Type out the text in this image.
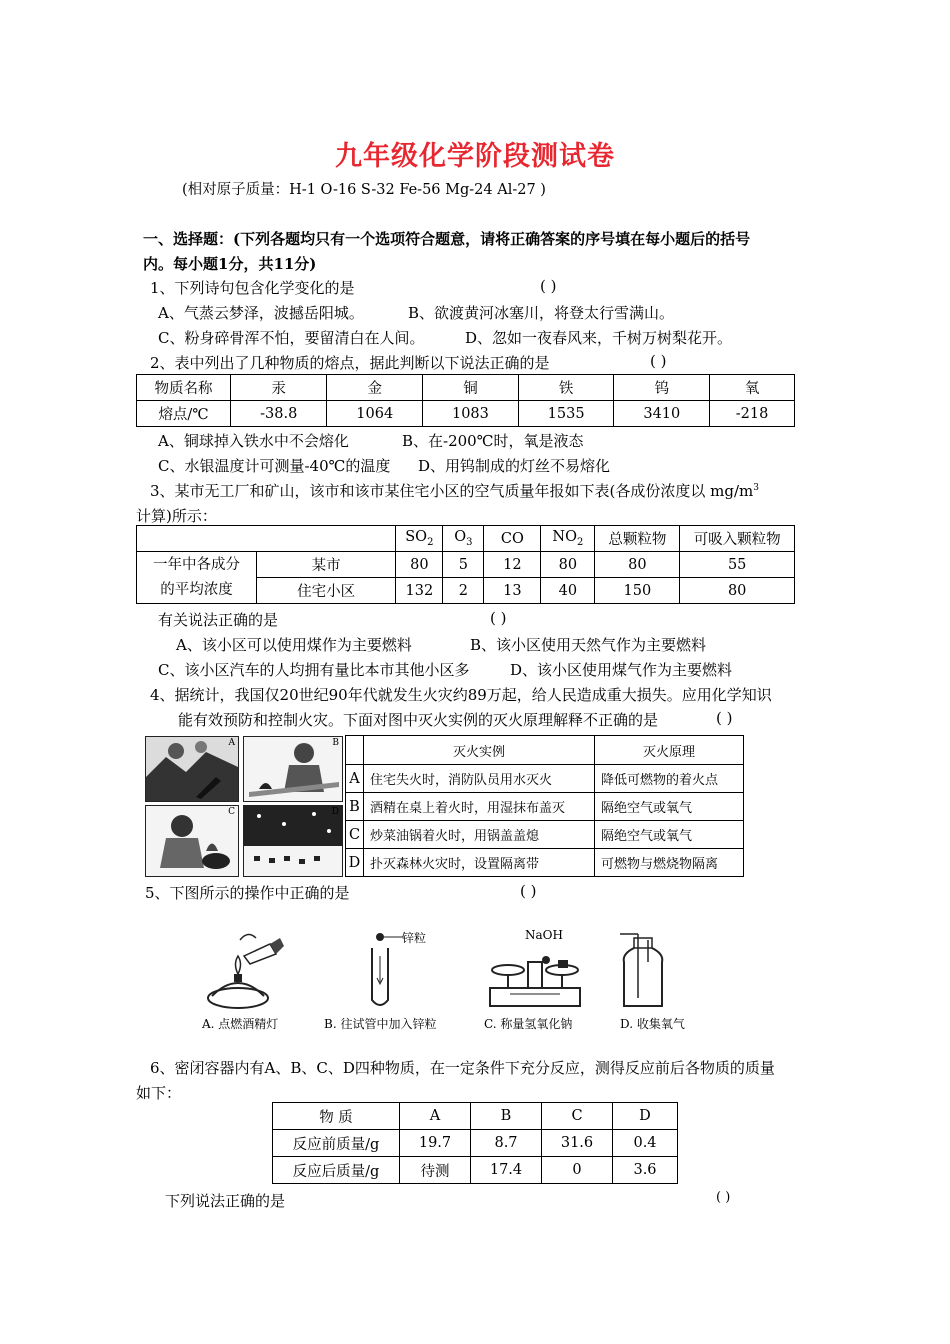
九年级化学阶段测试卷
(相对原子质量：H-1 O-16 S-32 Fe-56 Mg-24 Al-27 )
一、选择题：(下列各题均只有一个选项符合题意，请将正确答案的序号填在每小题后的括号
内。每小题1分，共11分)
1、下列诗句包含化学变化的是	( )
A、气蒸云梦泽，波撼岳阳城。	B、欲渡黄河冰塞川，将登太行雪满山。
C、粉身碎骨浑不怕，要留清白在人间。	D、忽如一夜春风来，千树万树梨花开。
2、表中列出了几种物质的熔点，据此判断以下说法正确的是	( )
物质名称	汞	金	铜	铁	钨	氧
熔点/℃	-38.8	1064	1083	1535	3410	-218
A、铜球掉入铁水中不会熔化	B、在-200℃时，氧是液态
C、水银温度计可测量-40℃的温度 D、用钨制成的灯丝不易熔化
3、某市无工厂和矿山，该市和该市某住宅小区的空气质量年报如下表(各成份浓度以 $mg/m^3$
计算)所示：
		$SO_2$	$O_3$	CO	$NO_2$	总颗粒物	可吸入颗粒物

一年中各成分
的平均浓度	某市	80	5	12	80	80	55
	住宅小区	132	2	13	40	150	80
有关说法正确的是	( )
A、该小区可以使用煤作为主要燃料	B、该小区使用天然气作为主要燃料
C、该小区汽车的人均拥有量比本市其他小区多	D、该小区使用煤气作为主要燃料
4、据统计，我国仅20世纪90年代就发生火灾约89万起，给人民造成重大损失。应用化学知识
能有效预防和控制火灾。下面对图中灭火实例的灭火原理解释不正确的是	( )
A	B
C	D
	灭火实例	灭火原理
A	住宅失火时，消防队员用水灭火	降低可燃物的着火点
B	酒精在桌上着火时，用湿抹布盖灭	隔绝空气或氧气
C	炒菜油锅着火时，用锅盖盖熄	隔绝空气或氧气
D	扑灭森林火灾时，设置隔离带	可燃物与燃烧物隔离
5、下图所示的操作中正确的是	( )
A. 点燃酒精灯
锌粒
B. 往试管中加入锌粒
NaOH
C. 称量氢氧化钠	D. 收集氧气
6、密闭容器内有A、B、C、D四种物质，在一定条件下充分反应，测得反应前后各物质的质量
如下：
物 质	A	B	C	D
反应前质量/g	19.7	8.7	31.6	0.4
反应后质量/g	待测	17.4	0	3.6
下列说法正确的是	( )
